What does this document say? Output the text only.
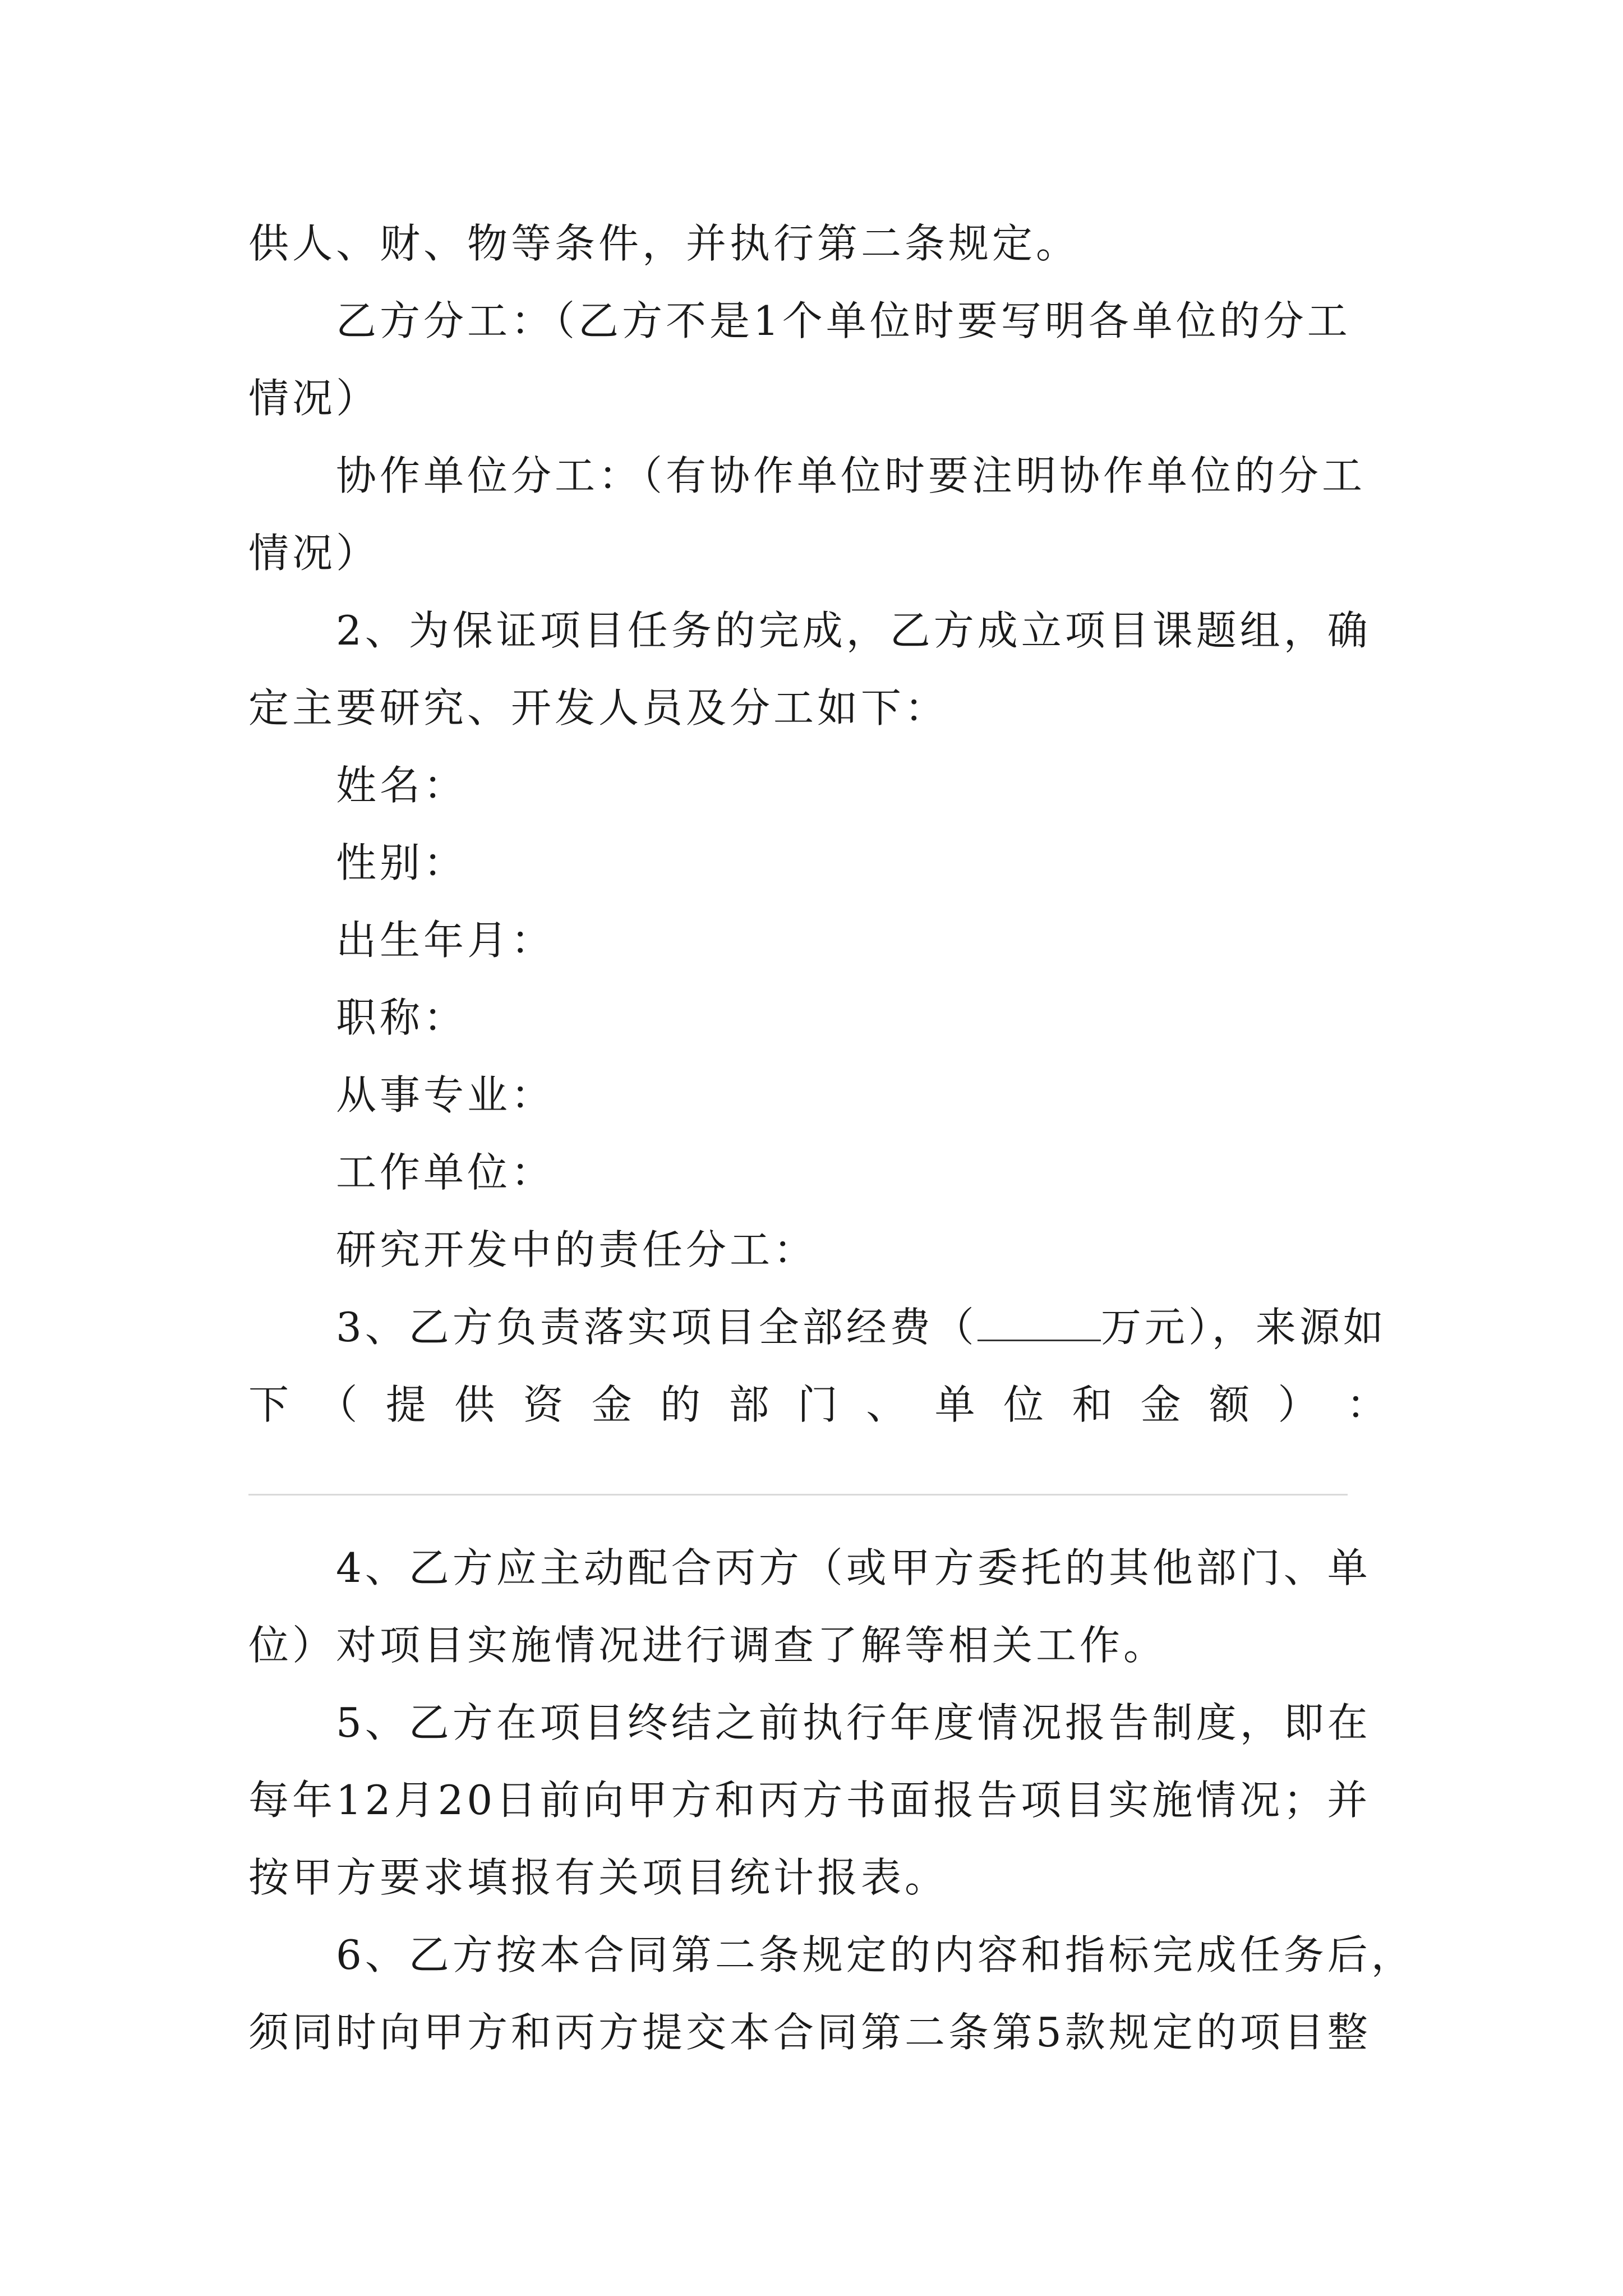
供人、财、物等条件，并执行第二条规定。
乙方分工：（乙方不是1个单位时要写明各单位的分工
情况）
协作单位分工：（有协作单位时要注明协作单位的分工
情况）
2、为保证项目任务的完成，乙方成立项目课题组，确
定主要研究、开发人员及分工如下：
姓名：
性别：
出生年月：
职称：
从事专业：
工作单位：
研究开发中的责任分工：
3、乙方负责落实项目全部经费（	万元），来源如
下 （ 提 供 资 金 的 部 门 、 单 位 和 金 额 ） ：
4、乙方应主动配合丙方（或甲方委托的其他部门、单
位）对项目实施情况进行调查了解等相关工作。
5、乙方在项目终结之前执行年度情况报告制度，即在
每年12月20日前向甲方和丙方书面报告项目实施情况；并
按甲方要求填报有关项目统计报表。
6、乙方按本合同第二条规定的内容和指标完成任务后，
须同时向甲方和丙方提交本合同第二条第5款规定的项目整
